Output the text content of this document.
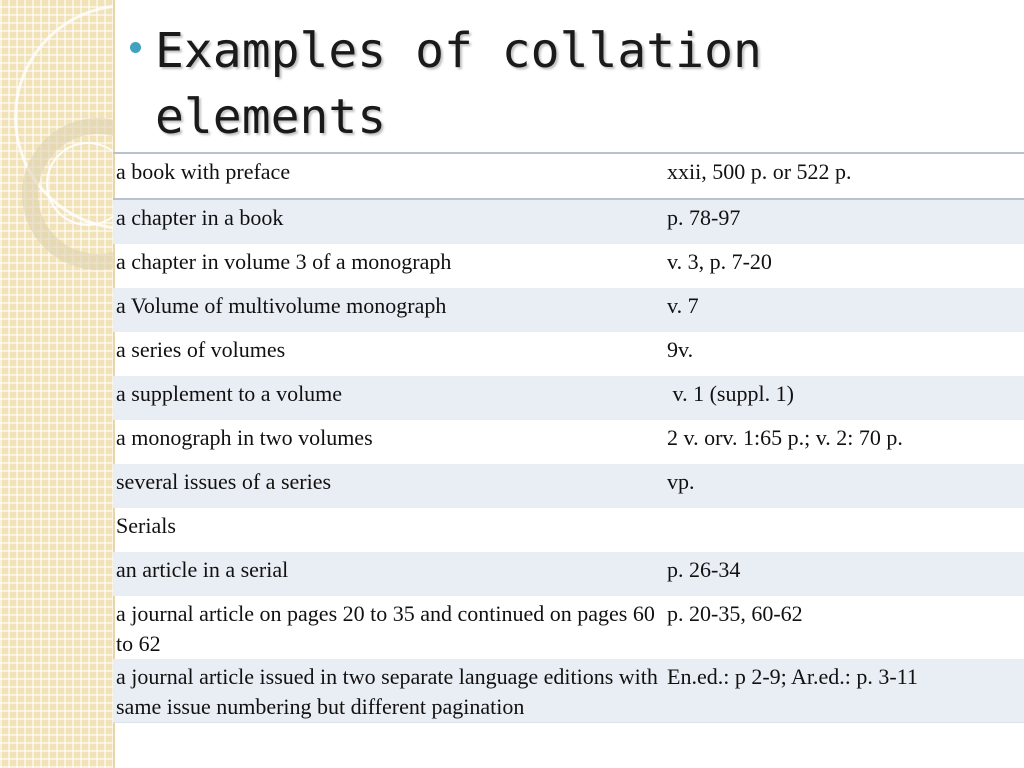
Examples of collation elements
a book with preface	xxii, 500 p. or 522 p.
a chapter in a book	p. 78-97
a chapter in volume 3 of a monograph	v. 3, p. 7-20
a Volume of multivolume monograph	v. 7
a series of volumes	9v.
a supplement to a volume	v. 1 (suppl. 1)
a monograph in two volumes	2 v. orv. 1:65 p.; v. 2: 70 p.
several issues of a series	vp.
Serials	
an article in a serial	p. 26-34
a journal article on pages 20 to 35 and continued on pages 60 to 62	p. 20-35, 60-62
a journal article issued in two separate language editions with same issue numbering but different pagination	En.ed.: p 2-9; Ar.ed.: p. 3-11
